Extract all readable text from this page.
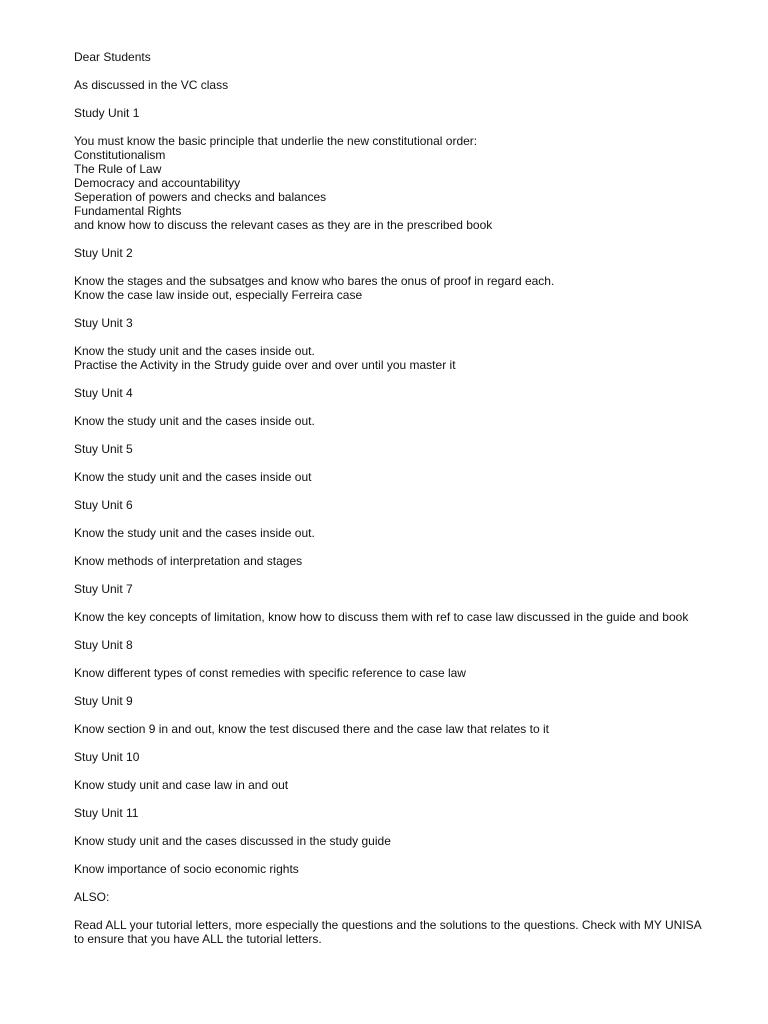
Dear Students
As discussed in the VC class
Study Unit 1
You must know the basic principle that underlie the new constitutional order:
Constitutionalism
The Rule of Law
Democracy and accountabilityy
Seperation of powers and checks and balances
Fundamental Rights
and know how to discuss the relevant cases as they are in the prescribed book
Stuy Unit 2
Know the stages and the subsatges and know who bares the onus of proof in regard each.
Know the case law inside out, especially Ferreira case
Stuy Unit 3
Know the study unit and the cases inside out.
Practise the Activity in the Strudy guide over and over until you master it
Stuy Unit 4
Know the study unit and the cases inside out.
Stuy Unit 5
Know the study unit and the cases inside out
Stuy Unit 6
Know the study unit and the cases inside out.
Know methods of interpretation and stages
Stuy Unit 7
Know the key concepts of limitation, know how to discuss them with ref to case law discussed in the guide and book
Stuy Unit 8
Know different types of const remedies with specific reference to case law
Stuy Unit 9
Know section 9 in and out, know the test discused there and the case law that relates to it
Stuy Unit 10
Know study unit and case law in and out
Stuy Unit 11
Know study unit and the cases discussed in the study guide
Know importance of socio economic rights
ALSO:
Read ALL your tutorial letters, more especially the questions and the solutions to the questions. Check with MY UNISA
to ensure that you have ALL the tutorial letters.
